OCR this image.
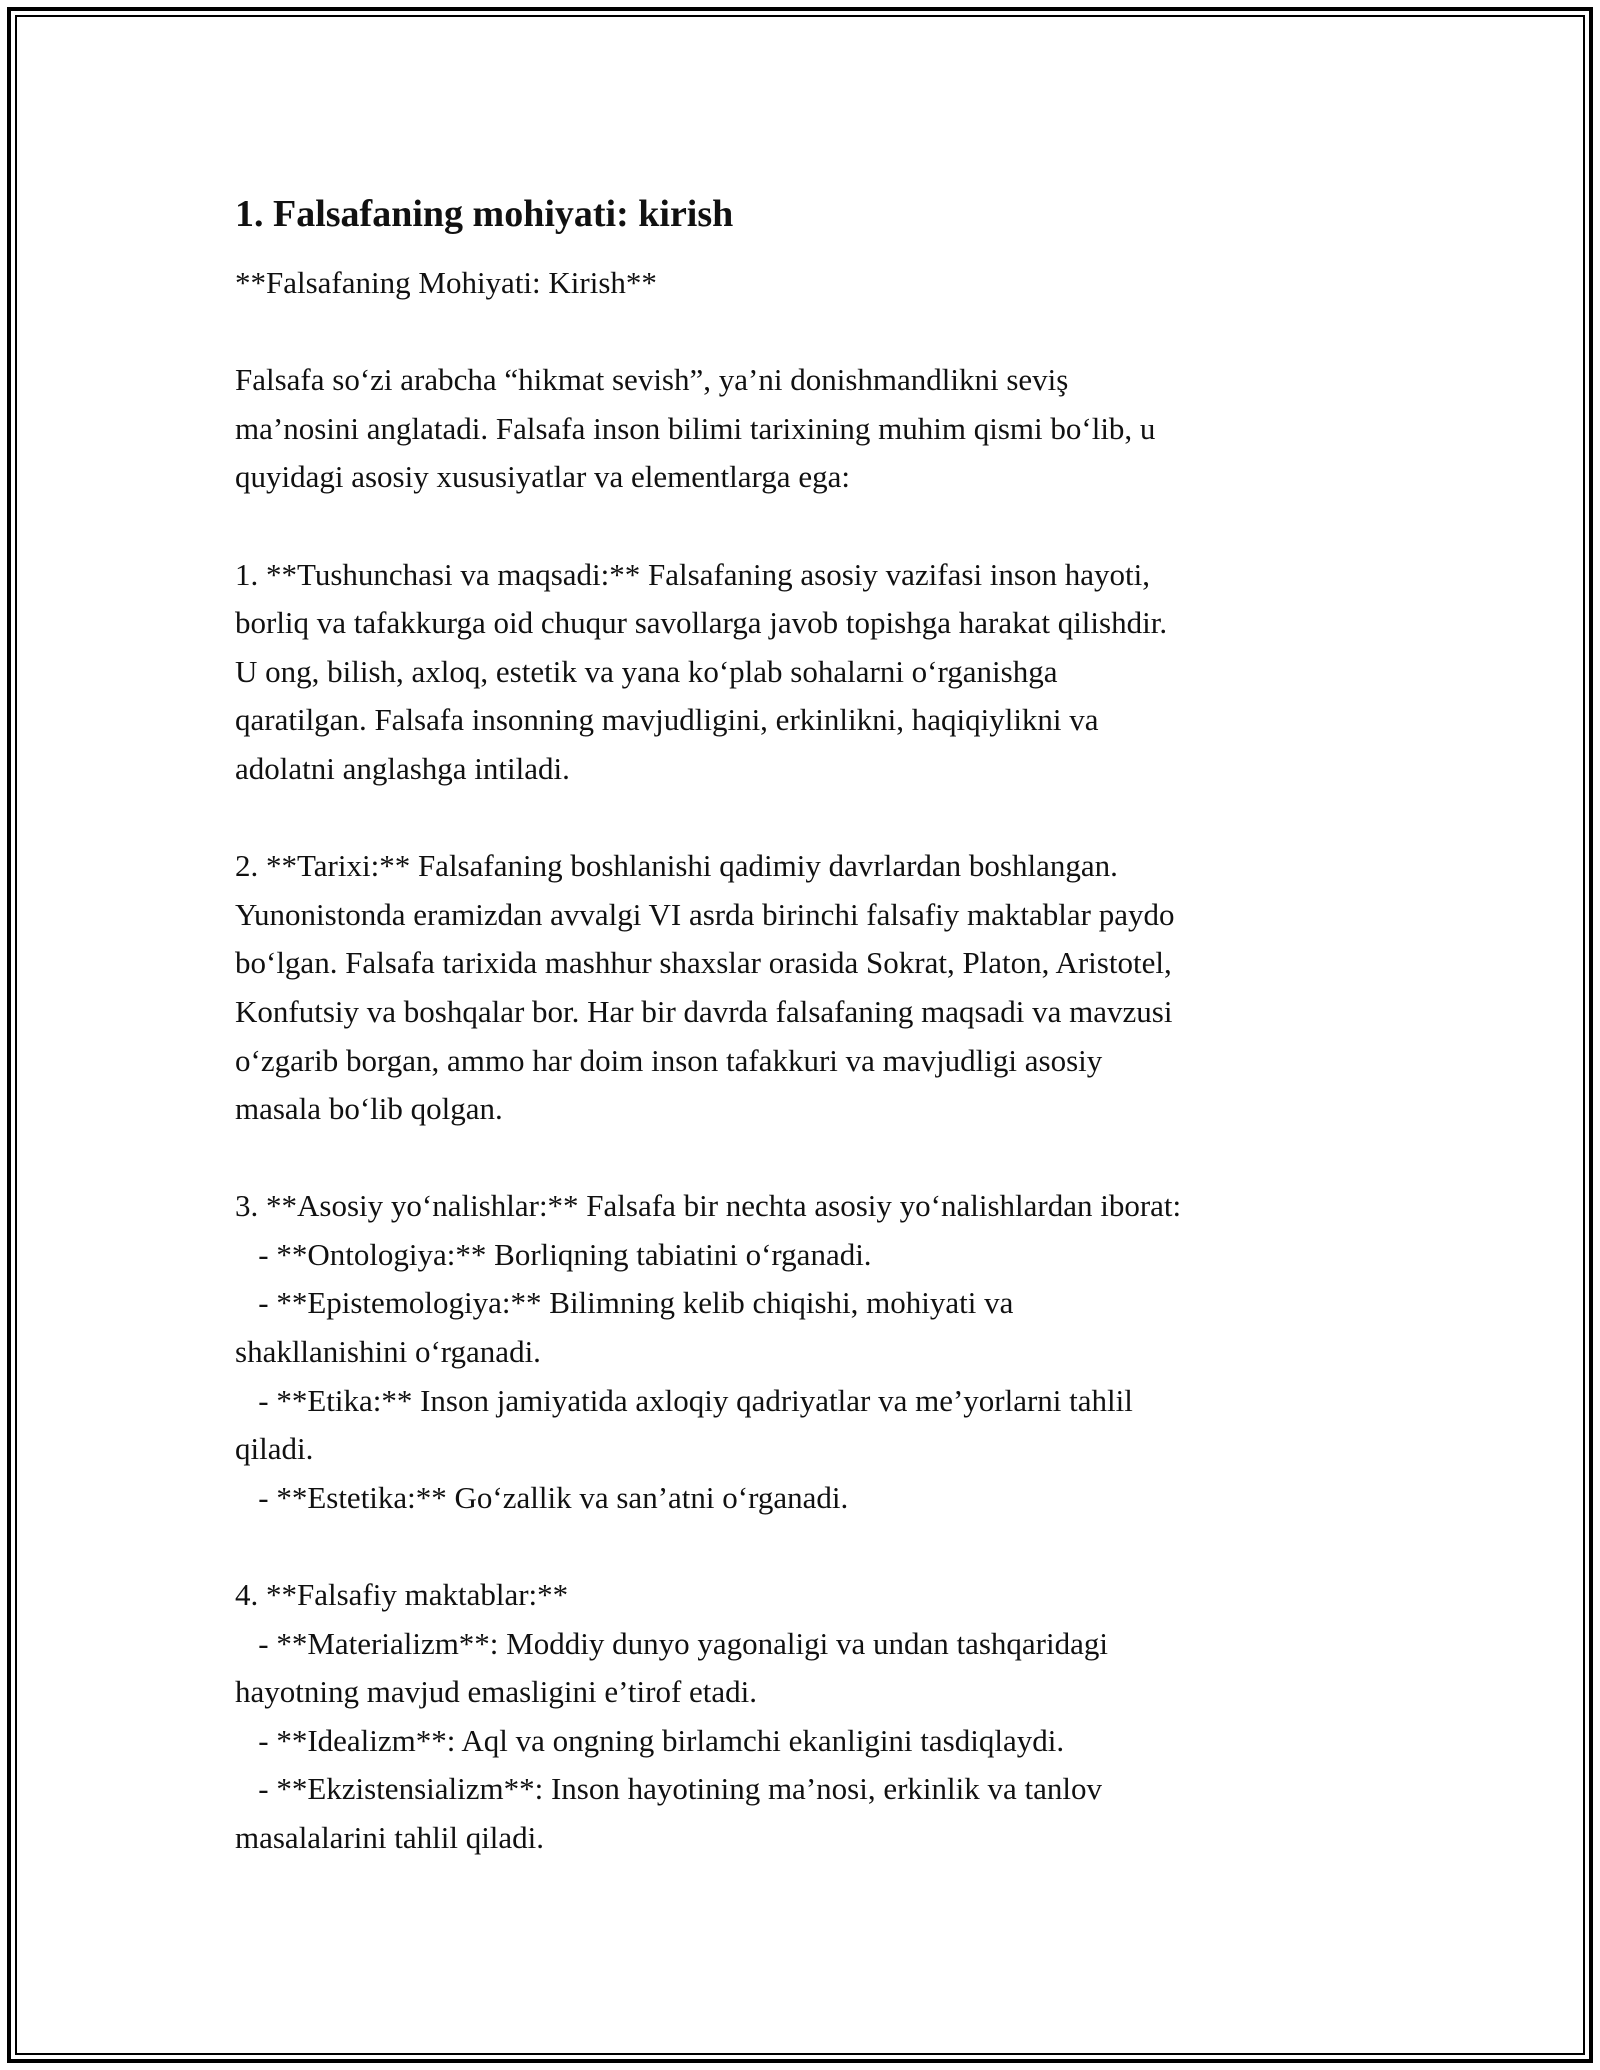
1. Falsafaning mohiyati: kirish
**Falsafaning Mohiyati: Kirish**
Falsafa so‘zi arabcha “hikmat sevish”, ya’ni donishmandlikni seviş
ma’nosini anglatadi. Falsafa inson bilimi tarixining muhim qismi bo‘lib, u
quyidagi asosiy xususiyatlar va elementlarga ega:
1. **Tushunchasi va maqsadi:** Falsafaning asosiy vazifasi inson hayoti,
borliq va tafakkurga oid chuqur savollarga javob topishga harakat qilishdir.
U ong, bilish, axloq, estetik va yana ko‘plab sohalarni o‘rganishga
qaratilgan. Falsafa insonning mavjudligini, erkinlikni, haqiqiylikni va
adolatni anglashga intiladi.
2. **Tarixi:** Falsafaning boshlanishi qadimiy davrlardan boshlangan.
Yunonistonda eramizdan avvalgi VI asrda birinchi falsafiy maktablar paydo
bo‘lgan. Falsafa tarixida mashhur shaxslar orasida Sokrat, Platon, Aristotel,
Konfutsiy va boshqalar bor. Har bir davrda falsafaning maqsadi va mavzusi
o‘zgarib borgan, ammo har doim inson tafakkuri va mavjudligi asosiy
masala bo‘lib qolgan.
3. **Asosiy yo‘nalishlar:** Falsafa bir nechta asosiy yo‘nalishlardan iborat:
- **Ontologiya:** Borliqning tabiatini o‘rganadi.
- **Epistemologiya:** Bilimning kelib chiqishi, mohiyati va
shakllanishini o‘rganadi.
- **Etika:** Inson jamiyatida axloqiy qadriyatlar va me’yorlarni tahlil
qiladi.
- **Estetika:** Go‘zallik va san’atni o‘rganadi.
4. **Falsafiy maktablar:**
- **Materializm**: Moddiy dunyo yagonaligi va undan tashqaridagi
hayotning mavjud emasligini e’tirof etadi.
- **Idealizm**: Aql va ongning birlamchi ekanligini tasdiqlaydi.
- **Ekzistensializm**: Inson hayotining ma’nosi, erkinlik va tanlov
masalalarini tahlil qiladi.
